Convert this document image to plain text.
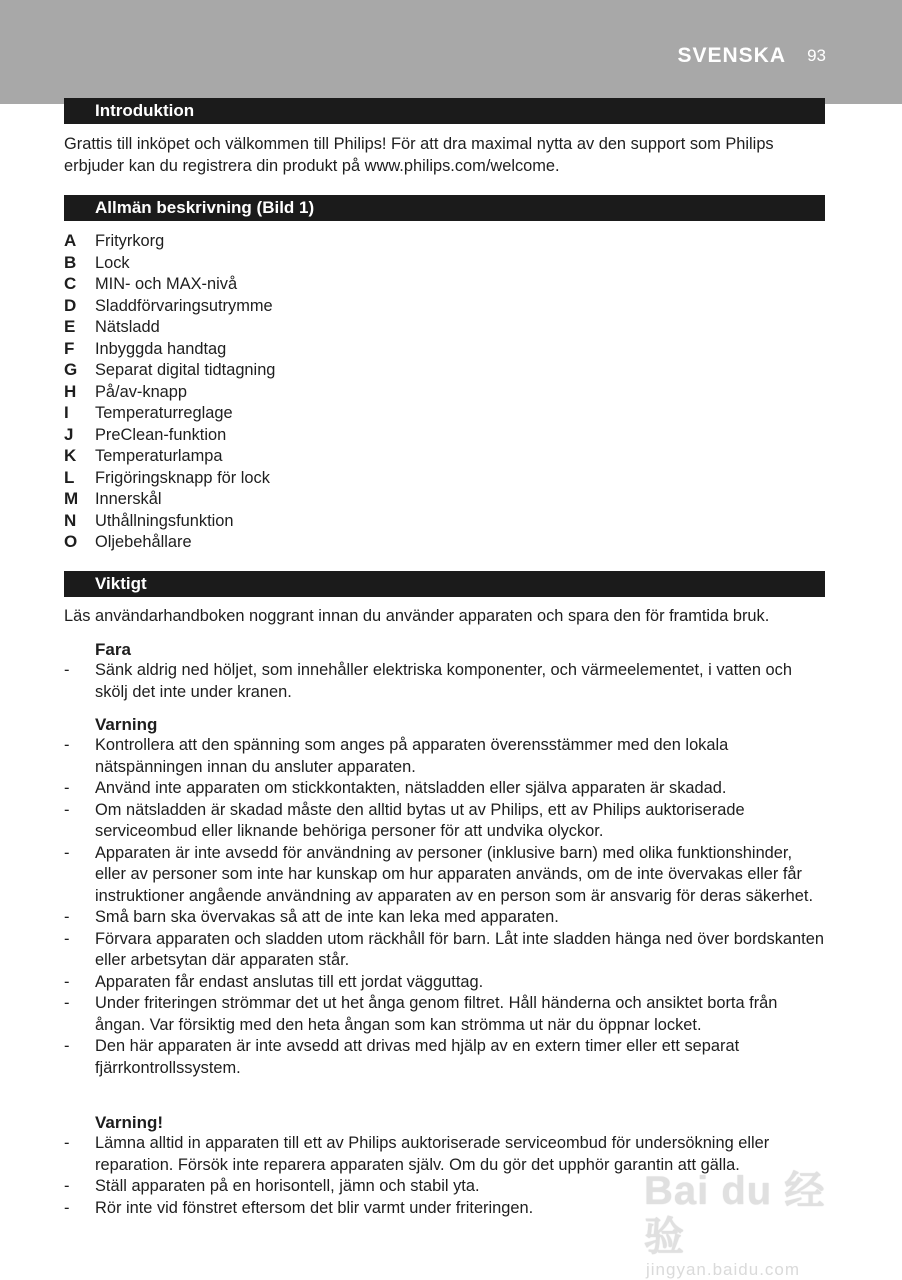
SVENSKA 93
Introduktion

Grattis till inköpet och välkommen till Philips! För att dra maximal nytta av den support som Philips erbjuder kan du registrera din produkt på www.philips.com/welcome.

Allmän beskrivning (Bild 1)
A Frityrkorg
B Lock
C MIN- och MAX-nivå
D Sladdförvaringsutrymme
E Nätsladd
F Inbyggda handtag
G Separat digital tidtagning
H På/av-knapp
I Temperaturreglage
J PreClean-funktion
K Temperaturlampa
L Frigöringsknapp för lock
M Innerskål
N Uthållningsfunktion
O Oljebehållare
Viktigt

Läs användarhandboken noggrant innan du använder apparaten och spara den för framtida bruk.

Fara
-	Sänk aldrig ned höljet, som innehåller elektriska komponenter, och värmeelementet, i vatten och skölj det inte under kranen.
Varning
-	Kontrollera att den spänning som anges på apparaten överensstämmer med den lokala nätspänningen innan du ansluter apparaten.
-	Använd inte apparaten om stickkontakten, nätsladden eller själva apparaten är skadad.
-	Om nätsladden är skadad måste den alltid bytas ut av Philips, ett av Philips auktoriserade serviceombud eller liknande behöriga personer för att undvika olyckor.
-	Apparaten är inte avsedd för användning av personer (inklusive barn) med olika funktionshinder, eller av personer som inte har kunskap om hur apparaten används, om de inte övervakas eller får instruktioner angående användning av apparaten av en person som är ansvarig för deras säkerhet.
-	Små barn ska övervakas så att de inte kan leka med apparaten.
-	Förvara apparaten och sladden utom räckhåll för barn. Låt inte sladden hänga ned över bordskanten eller arbetsytan där apparaten står.
-	Apparaten får endast anslutas till ett jordat vägguttag.
-	Under friteringen strömmar det ut het ånga genom filtret. Håll händerna och ansiktet borta från ångan. Var försiktig med den heta ångan som kan strömma ut när du öppnar locket.
-	Den här apparaten är inte avsedd att drivas med hjälp av en extern timer eller ett separat fjärrkontrollssystem.
Varning!
-	Lämna alltid in apparaten till ett av Philips auktoriserade serviceombud för undersökning eller reparation. Försök inte reparera apparaten själv. Om du gör det upphör garantin att gälla.
-	Ställ apparaten på en horisontell, jämn och stabil yta.
-	Rör inte vid fönstret eftersom det blir varmt under friteringen.	Bai du 经验
jingyan.baidu.com
